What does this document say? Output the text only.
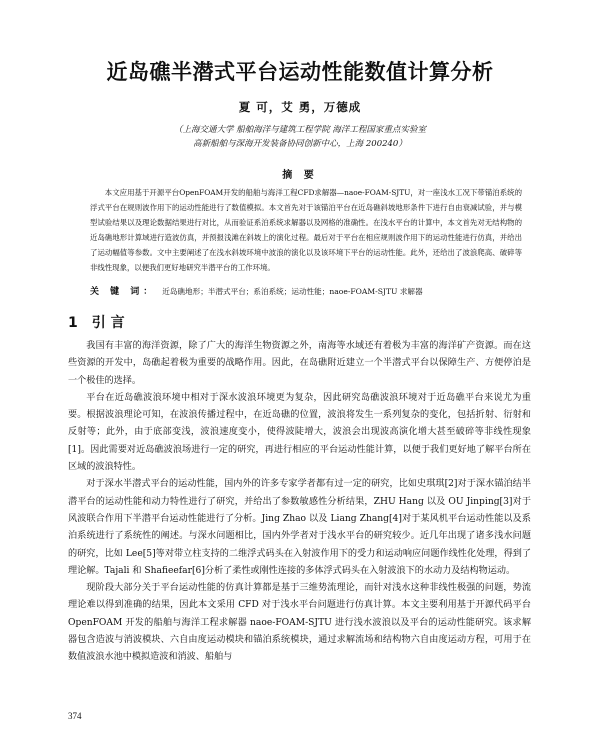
近岛礁半潜式平台运动性能数值计算分析
夏 可，艾 勇，万德成
（上海交通大学 船舶海洋与建筑工程学院 海洋工程国家重点实验室
高新船舶与深海开发装备协同创新中心，上海 200240）
摘 要
本文应用基于开源平台OpenFOAM开发的船舶与海洋工程CFD求解器—naoe-FOAM-SJTU，对一座浅水工况下带锚泊系统的浮式平台在规则波作用下的运动性能进行了数值模拟。本文首先对于该锚泊平台在近岛礁斜坡地形条件下进行自由衰减试验，并与模型试验结果以及理论数据结果进行对比，从而验证系泊系统求解器以及网格的准确性。在浅水平台的计算中，本文首先对无结构物的近岛礁地形计算域进行造波仿真，并预报浅滩在斜坡上的演化过程。最后对于平台在相应规则波作用下的运动性能进行仿真，并给出了运动幅值等参数。文中主要阐述了在浅水斜坡环境中波浪的演化以及该环境下平台的运动性能。此外，还给出了波浪爬高、破碎等非线性现象，以便我们更好地研究半潜平台的工作环境。
关 键 词： 近岛礁地形；半潜式平台；系泊系统；运动性能；naoe-FOAM-SJTU 求解器
1 引 言

我国有丰富的海洋资源，除了广大的海洋生物资源之外，南海等水域还有着极为丰富的海洋矿产资源。而在这些资源的开发中，岛礁起着极为重要的战略作用。因此，在岛礁附近建立一个半潜式平台以保障生产、方便停泊是一个极佳的选择。

平台在近岛礁波浪环境中相对于深水波浪环境更为复杂，因此研究岛礁波浪环境对于近岛礁平台来说尤为重要。根据波浪理论可知，在波浪传播过程中，在近岛礁的位置，波浪将发生一系列复杂的变化，包括折射、衍射和反射等；此外，由于底部变浅，波浪速度变小，使得波陡增大，波浪会出现波高演化增大甚至破碎等非线性现象[1]。因此需要对近岛礁波浪场进行一定的研究，再进行相应的平台运动性能计算，以便于我们更好地了解平台所在区域的波浪特性。

对于深水半潜式平台的运动性能，国内外的许多专家学者都有过一定的研究，比如史琪琪[2]对于深水锚泊结半潜平台的运动性能和动力特性进行了研究，并给出了参数敏感性分析结果，ZHU Hang 以及 OU Jinping[3]对于风波联合作用下半潜平台运动性能进行了分析。Jing Zhao 以及 Liang Zhang[4]对于某风机平台运动性能以及系泊系统进行了系统性的阐述。与深水问题相比，国内外学者对于浅水平台的研究较少。近几年出现了诸多浅水问题的研究，比如 Lee[5]等对带立柱支持的二维浮式码头在入射波作用下的受力和运动响应问题作线性化处理，得到了理论解。Tajali 和 Shafieefar[6]分析了柔性或刚性连接的多体浮式码头在入射波浪下的水动力及结构物运动。

现阶段大部分关于平台运动性能的仿真计算都是基于三维势流理论，而针对浅水这种非线性极强的问题，势流理论难以得到准确的结果，因此本文采用 CFD 对于浅水平台问题进行仿真计算。本文主要利用基于开源代码平台 OpenFOAM 开发的船舶与海洋工程求解器 naoe-FOAM-SJTU 进行浅水波浪以及平台的运动性能研究。该求解器包含造波与消波模块、六自由度运动模块和锚泊系统模块，通过求解流场和结构物六自由度运动方程，可用于在数值波浪水池中模拟造波和消波、船舶与

374
